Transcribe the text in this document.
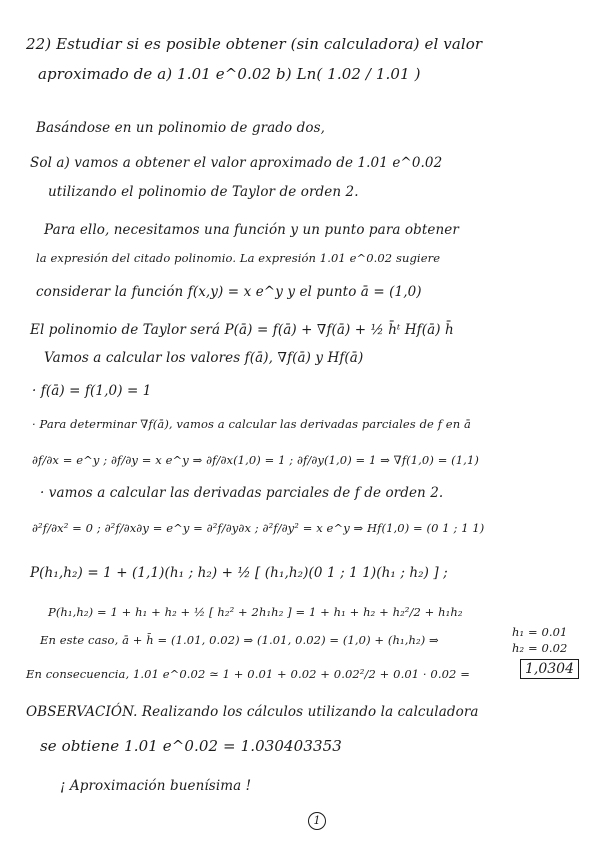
22) Estudiar si es posible obtener (sin calculadora) el valor
aproximado de a) 1.01 e^0.02 b) Ln( 1.02 / 1.01 )
Basándose en un polinomio de grado dos,
Sol a) vamos a obtener el valor aproximado de 1.01 e^0.02
utilizando el polinomio de Taylor de orden 2.
Para ello, necesitamos una función y un punto para obtener
la expresión del citado polinomio. La expresión 1.01 e^0.02 sugiere
considerar la función f(x,y) = x e^y y el punto ā = (1,0)
El polinomio de Taylor será P(ā) = f(ā) + ∇f(ā) + ½ h̄ᵗ Hf(ā) h̄
Vamos a calcular los valores f(ā), ∇f(ā) y Hf(ā)
· f(ā) = f(1,0) = 1
· Para determinar ∇f(ā), vamos a calcular las derivadas parciales de f en ā
∂f/∂x = e^y ; ∂f/∂y = x e^y ⇒ ∂f/∂x(1,0) = 1 ; ∂f/∂y(1,0) = 1 ⇒ ∇f(1,0) = (1,1)
· vamos a calcular las derivadas parciales de f de orden 2.
∂²f/∂x² = 0 ; ∂²f/∂x∂y = e^y = ∂²f/∂y∂x ; ∂²f/∂y² = x e^y ⇒ Hf(1,0) = (0 1 ; 1 1)
P(h₁,h₂) = 1 + (1,1)(h₁ ; h₂) + ½ [ (h₁,h₂)(0 1 ; 1 1)(h₁ ; h₂) ] ;
P(h₁,h₂) = 1 + h₁ + h₂ + ½ [ h₂² + 2h₁h₂ ] = 1 + h₁ + h₂ + h₂²/2 + h₁h₂
En este caso, ā + h̄ = (1.01, 0.02) ⇒ (1.01, 0.02) = (1,0) + (h₁,h₂) ⇒
h₁ = 0.01
h₂ = 0.02
En consecuencia, 1.01 e^0.02 ≃ 1 + 0.01 + 0.02 + 0.02²/2 + 0.01 · 0.02 =	1,0304
OBSERVACIÓN. Realizando los cálculos utilizando la calculadora
se obtiene 1.01 e^0.02 = 1.030403353
¡ Aproximación buenísima !
1
